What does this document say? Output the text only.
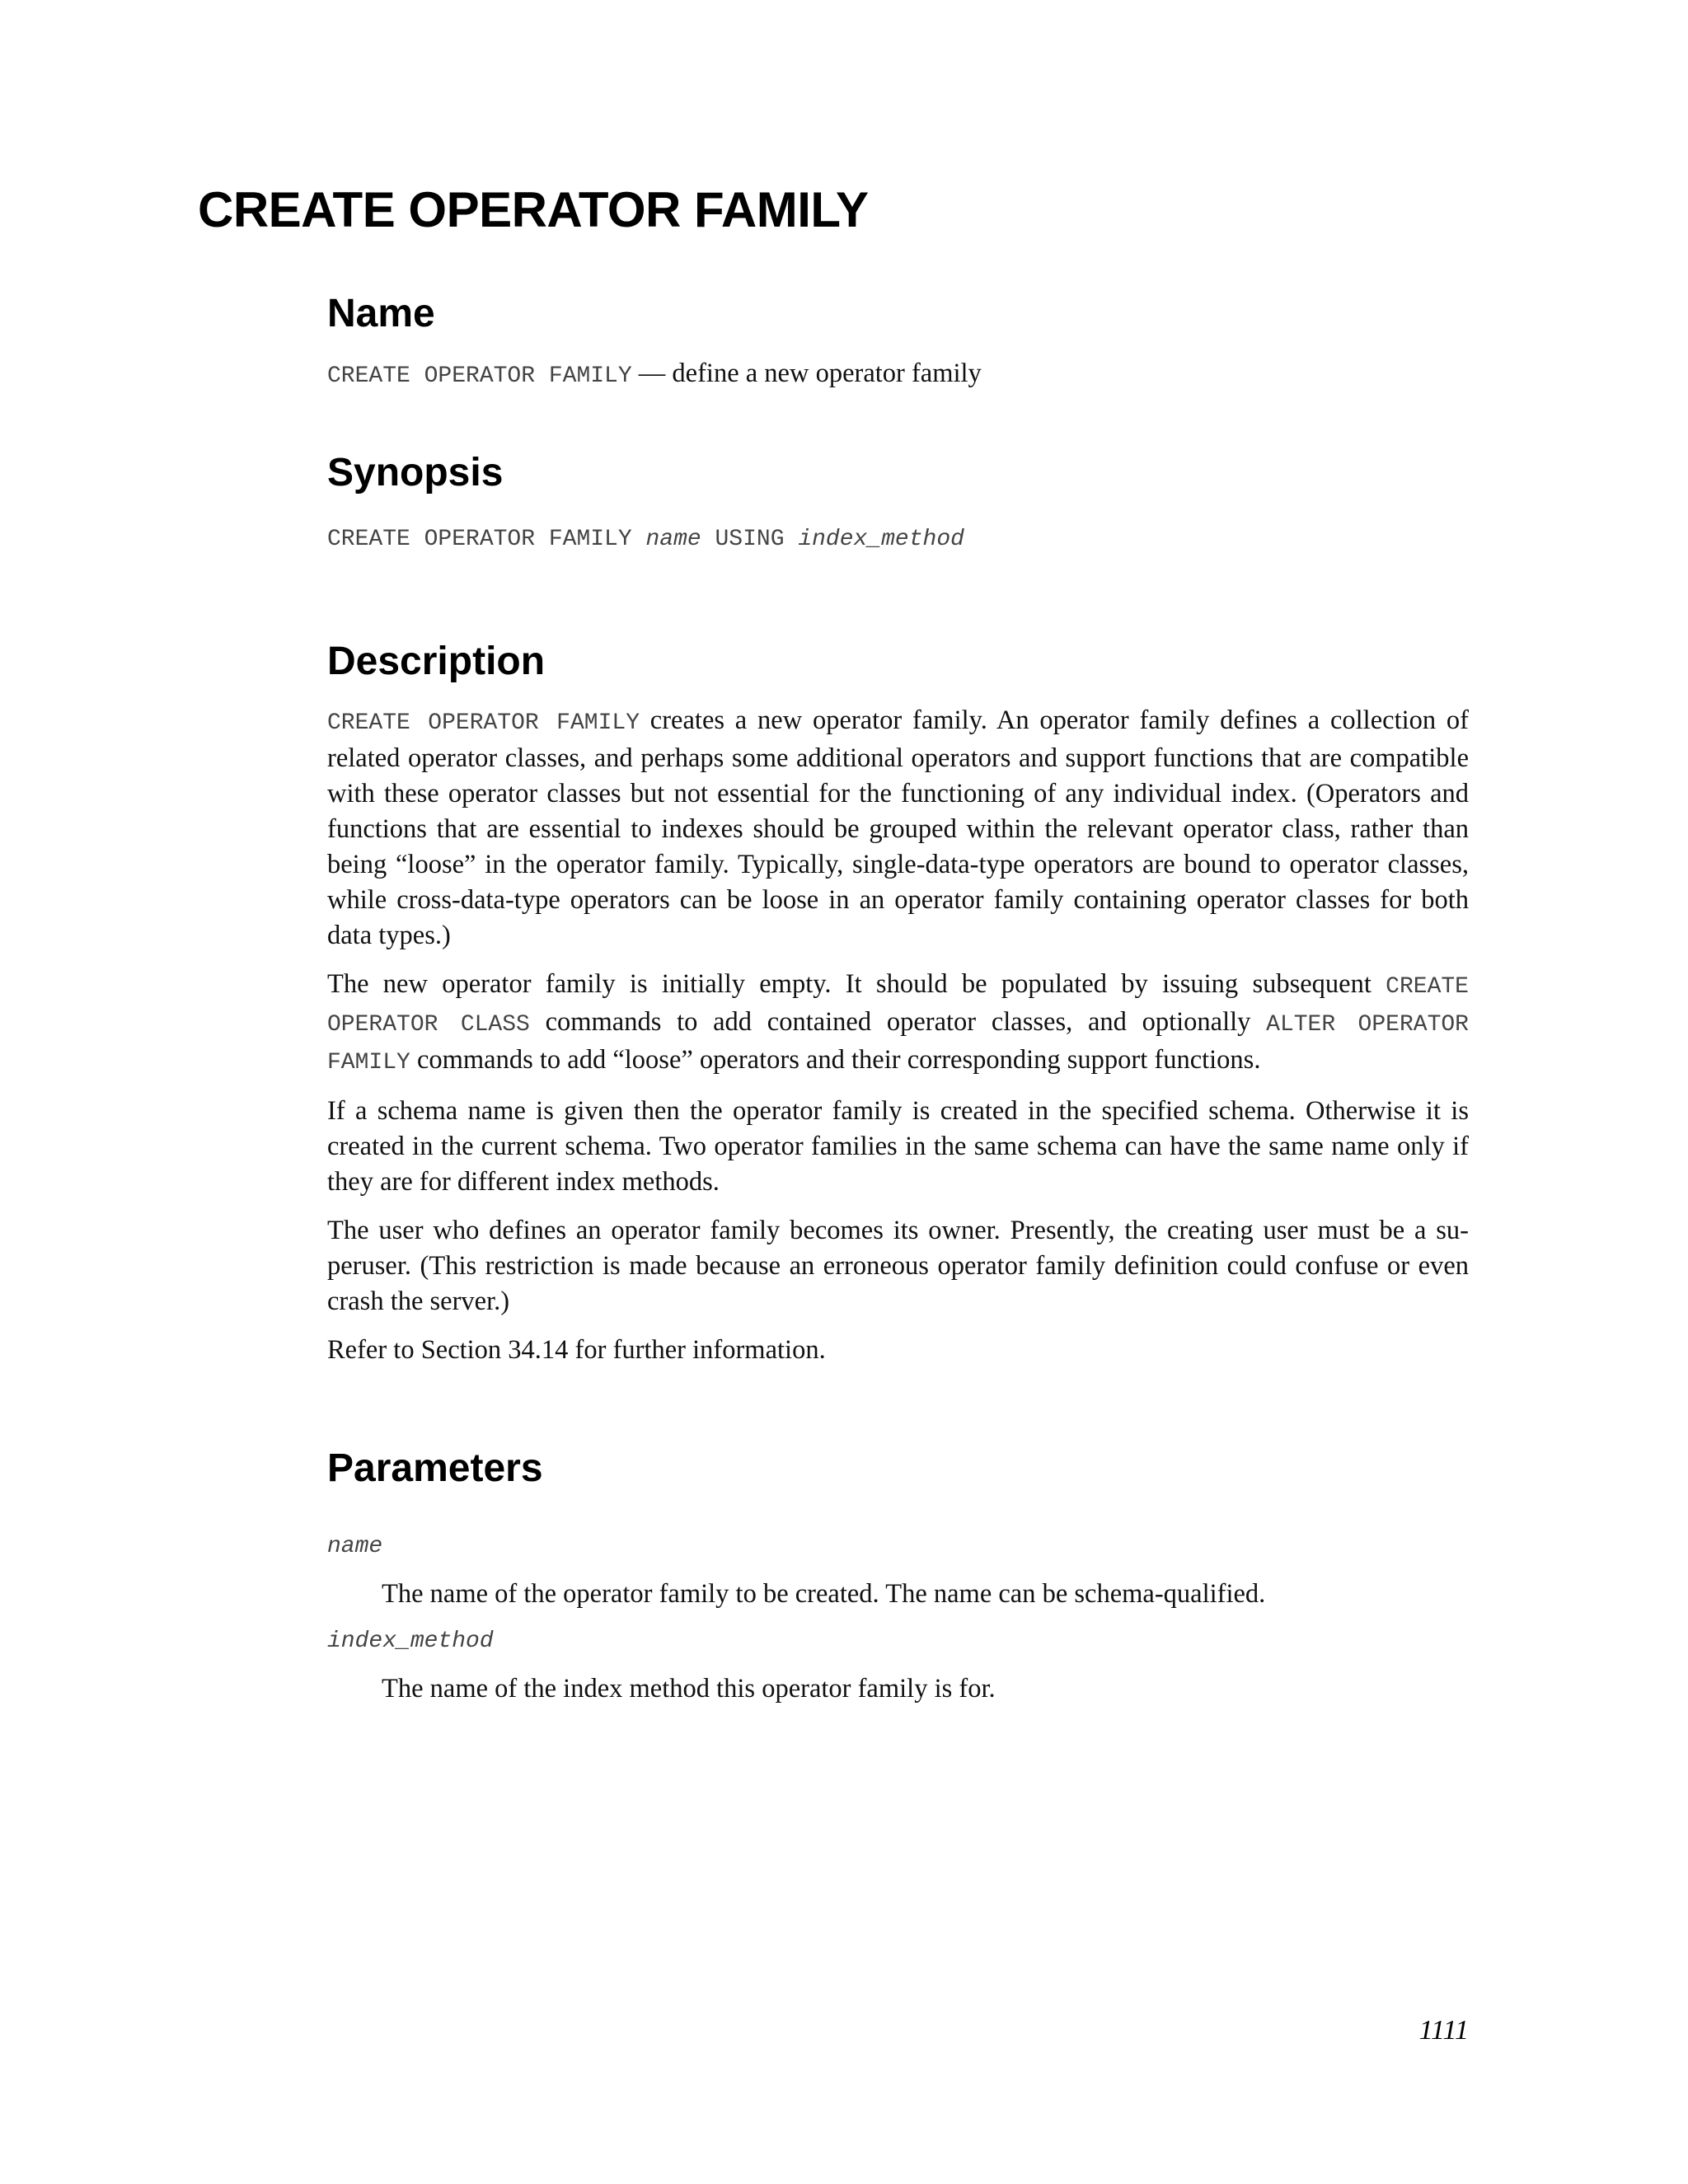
CREATE OPERATOR FAMILY
Name
CREATE OPERATOR FAMILY — define a new operator family
Synopsis
CREATE OPERATOR FAMILY name USING index_method
Description

CREATE OPERATOR FAMILY creates a new operator family. An operator family defines a collection of related operator classes, and perhaps some additional operators and support functions that are compatible with these operator classes but not essential for the functioning of any individual index. (Operators and functions that are essential to indexes should be grouped within the relevant operator class, rather than being “loose” in the operator family. Typically, single-data-type operators are bound to operator classes, while cross-data-type operators can be loose in an operator family containing operator classes for both data types.)

The new operator family is initially empty. It should be populated by issuing subsequent CREATE OPERATOR CLASS commands to add contained operator classes, and optionally ALTER OPERATOR FAMILY commands to add “loose” operators and their corresponding support functions.

If a schema name is given then the operator family is created in the specified schema. Otherwise it is created in the current schema. Two operator families in the same schema can have the same name only if they are for different index methods.

The user who defines an operator family becomes its owner. Presently, the creating user must be a superuser. (This restriction is made because an erroneous operator family definition could confuse or even crash the server.)

Refer to Section 34.14 for further information.

Parameters
name
The name of the operator family to be created. The name can be schema-qualified.
index_method
The name of the index method this operator family is for.
1111
